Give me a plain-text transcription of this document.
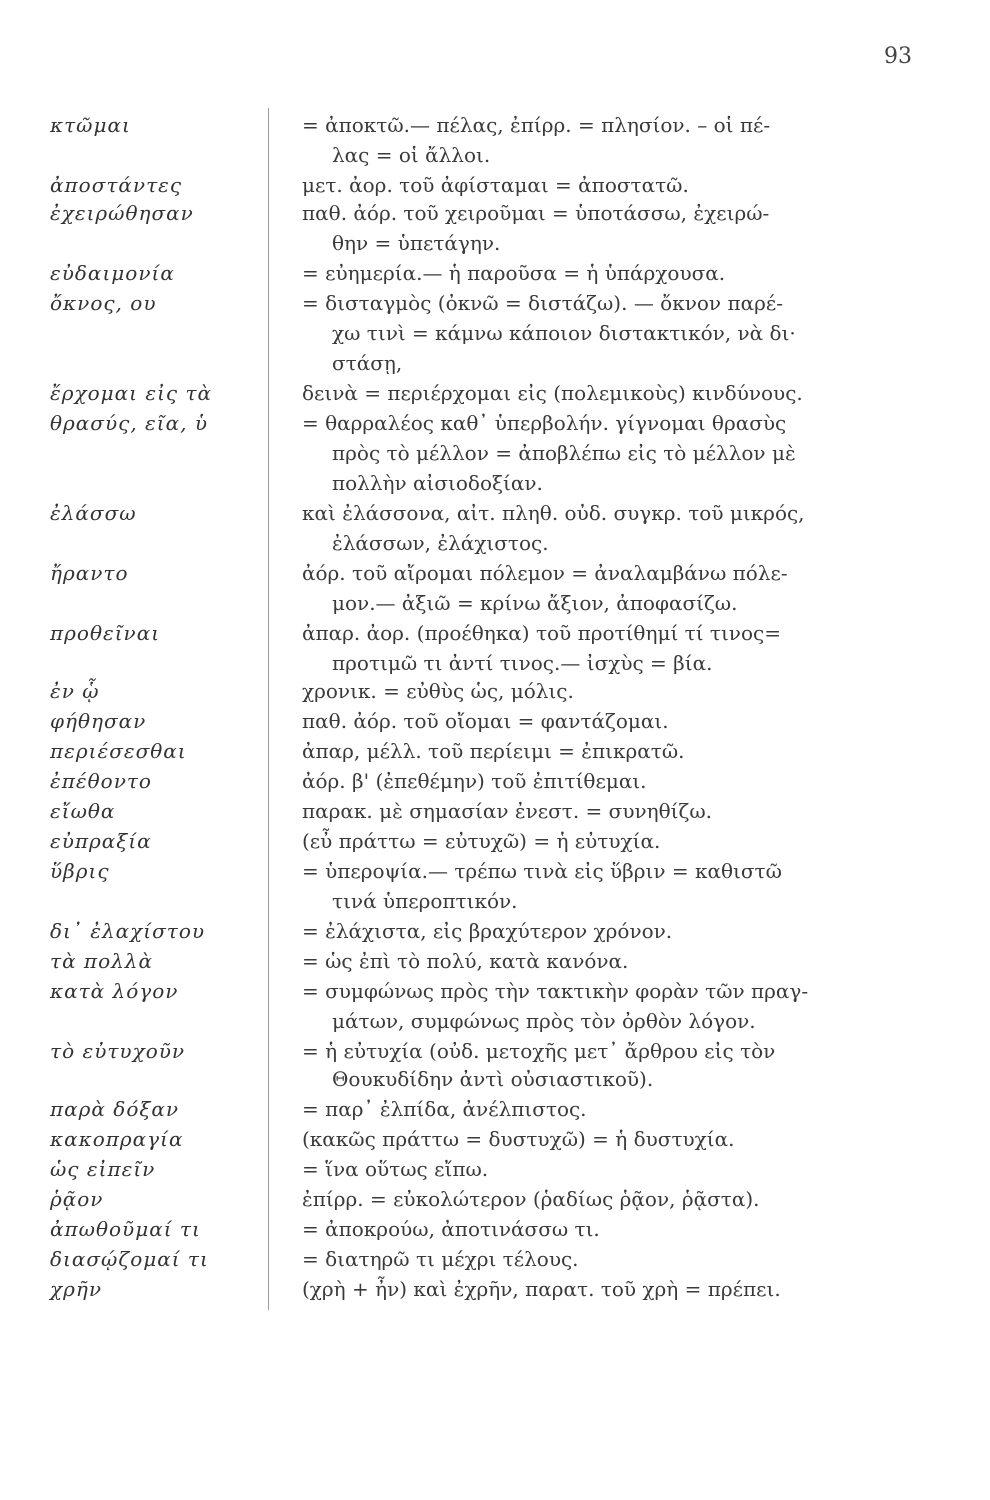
93
κτῶμαι
ἀποστάντες
ἐχειρώθησαν
εὐδαιμονία
ὄκνος, ου
ἔρχομαι εἰς τὰ
θρασύς, εῖα, ὑ
ἐλάσσω
ἤραντο
προθεῖναι
ἐν ᾧ
φήθησαν
περιέσεσθαι
ἐπέθοντο
εἴωθα
εὐπραξία
ὕβρις
δι᾽ ἐλαχίστου
τὰ πολλὰ
κατὰ λόγον
τὸ εὐτυχοῦν
παρὰ δόξαν
κακοπραγία
ὡς εἰπεῖν
ῥᾷον
ἀπωθοῦμαί τι
διασῴζομαί τι
χρῆν
= ἀποκτῶ.— πέλας, ἐπίρρ. = πλησίον. – οἱ πέ-
λας = οἱ ἄλλοι.
μετ. ἀορ. τοῦ ἀφίσταμαι = ἀποστατῶ.
παθ. ἀόρ. τοῦ χειροῦμαι = ὑποτάσσω, ἐχειρώ-
θην = ὑπετάγην.
= εὐημερία.— ἡ παροῦσα = ἡ ὑπάρχουσα.
= δισταγμὸς (ὀκνῶ = διστάζω). — ὄκνον παρέ-
χω τινὶ = κάμνω κάποιον διστακτικόν, νὰ δι·
στάσῃ,
δεινὰ = περιέρχομαι εἰς (πολεμικοὺς) κινδύνους.
= θαρραλέος καθ᾽ ὑπερβολήν. γίγνομαι θρασὺς
πρὸς τὸ μέλλον = ἀποβλέπω εἰς τὸ μέλλον μὲ
πολλὴν αἰσιοδοξίαν.
καὶ ἐλάσσονα, αἰτ. πληθ. οὐδ. συγκρ. τοῦ μικρός,
ἐλάσσων, ἐλάχιστος.
ἀόρ. τοῦ αἴρομαι πόλεμον = ἀναλαμβάνω πόλε-
μον.— ἀξιῶ = κρίνω ἄξιον, ἀποφασίζω.
ἀπαρ. ἀορ. (προέθηκα) τοῦ προτίθημί τί τινος=
προτιμῶ τι ἀντί τινος.— ἰσχὺς = βία.
χρονικ. = εὐθὺς ὡς, μόλις.
παθ. ἀόρ. τοῦ οἴομαι = φαντάζομαι.
ἀπαρ, μέλλ. τοῦ περίειμι = ἐπικρατῶ.
ἀόρ. β' (ἐπεθέμην) τοῦ ἐπιτίθεμαι.
παρακ. μὲ σημασίαν ἐνεστ. = συνηθίζω.
(εὖ πράττω = εὐτυχῶ) = ἡ εὐτυχία.
= ὑπεροψία.— τρέπω τινὰ εἰς ὕβριν = καθιστῶ
τινά ὑπεροπτικόν.
= ἐλάχιστα, εἰς βραχύτερον χρόνον.
= ὡς ἐπὶ τὸ πολύ, κατὰ κανόνα.
= συμφώνως πρὸς τὴν τακτικὴν φορὰν τῶν πραγ-
μάτων, συμφώνως πρὸς τὸν ὀρθὸν λόγον.
= ἡ εὐτυχία (οὐδ. μετοχῆς μετ᾽ ἄρθρου εἰς τὸν
Θουκυδίδην ἀντὶ οὐσιαστικοῦ).
= παρ᾽ ἐλπίδα, ἀνέλπιστος.
(κακῶς πράττω = δυστυχῶ) = ἡ δυστυχία.
= ἵνα οὕτως εἴπω.
ἐπίρρ. = εὐκολώτερον (ῥαδίως ῥᾷον, ῥᾷστα).
= ἀποκρούω, ἀποτινάσσω τι.
= διατηρῶ τι μέχρι τέλους.
(χρὴ + ἦν) καὶ ἐχρῆν, παρατ. τοῦ χρὴ = πρέπει.
